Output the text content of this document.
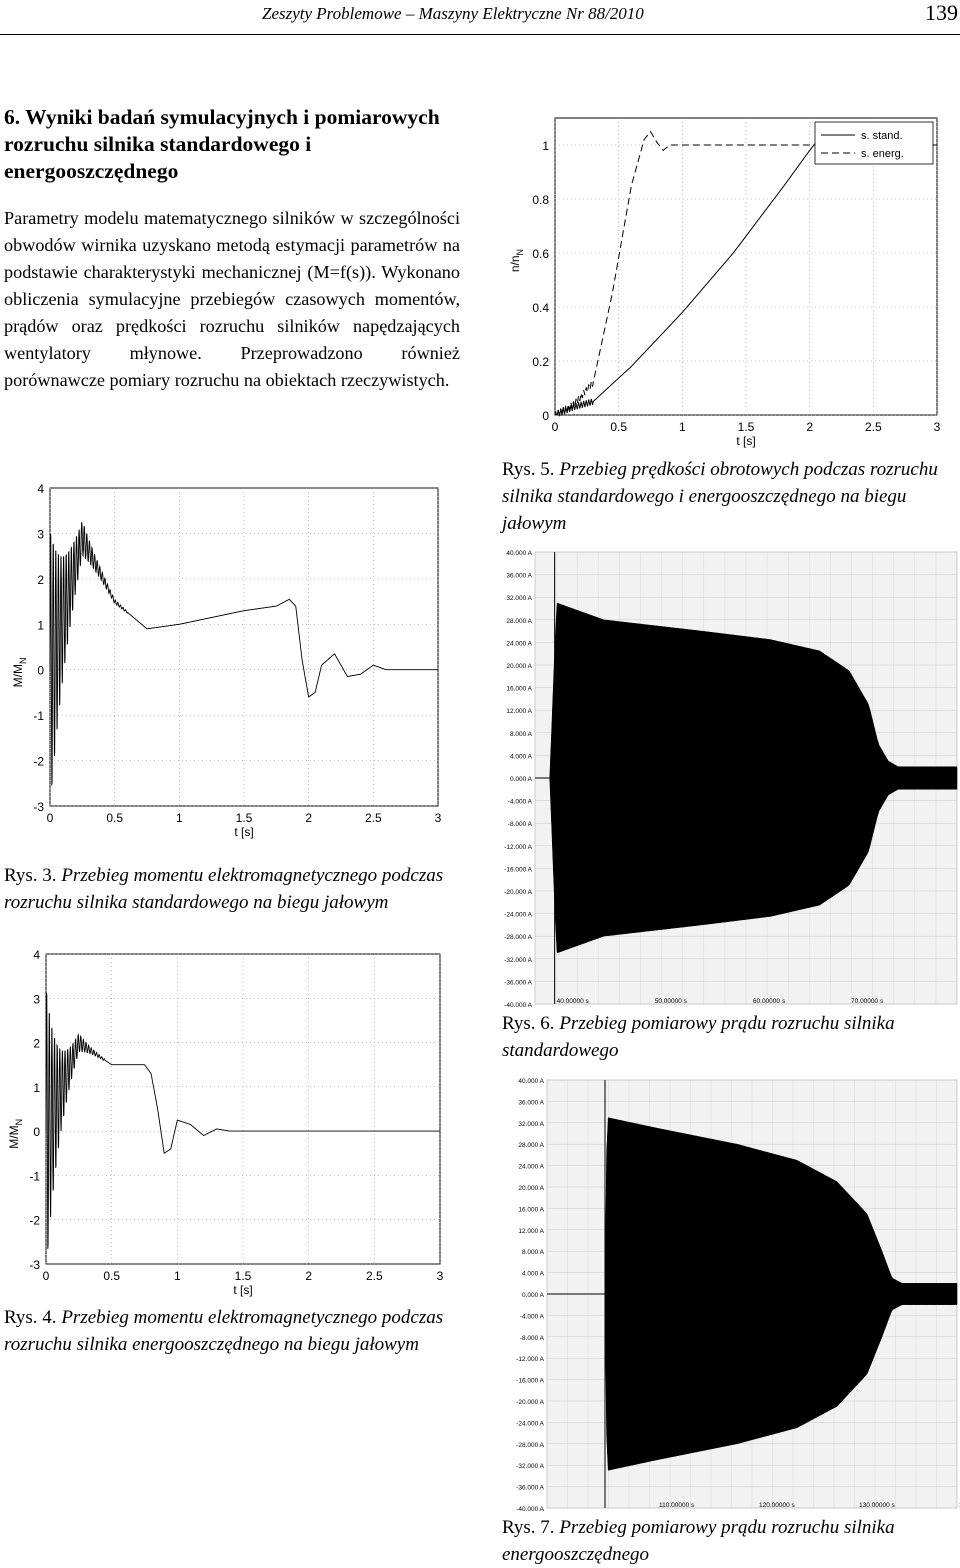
Zeszyty Problemowe – Maszyny Elektryczne Nr 88/2010	139
6. Wyniki badań symulacyjnych i pomiarowych rozruchu silnika standardowego i energooszczędnego

Parametry modelu matematycznego silników w szczególności obwodów wirnika uzyskano metodą estymacji parametrów na podstawie charakterystyki mechanicznej (M=f(s)). Wykonano obliczenia symulacyjne przebiegów czasowych momentów, prądów oraz prędkości rozruchu silników napędzających wentylatory młynowe. Przeprowadzono również porównawcze pomiary rozruchu na obiektach rzeczywistych.

-3
-2
-1
0
1
2
3
4
0	0.5	1	1.5	2	2.5	3
t [s]
$M/M_N$
Rys. 3. Przebieg momentu elektromagnetycznego podczas rozruchu silnika standardowego na biegu jałowym
-3
-2
-1
0
1
2
3
4
0	0.5	1	1.5	2	2.5	3
t [s]
$M/M_N$
Rys. 4. Przebieg momentu elektromagnetycznego podczas rozruchu silnika energooszczędnego na biegu jałowym
0
0.2
0.4
0.6
0.8
1
0	0.5	1	1.5	2	2.5	3
t [s]
$n/n_N$
s. stand.
s. energ.
Rys. 5. Przebieg prędkości obrotowych podczas rozruchu silnika standardowego i energooszczędnego na biegu jałowym
40.000 A
36.000 A
32.000 A
28.000 A
24.000 A
20.000 A
16.000 A
12.000 A
8.000 A
4.000 A
0.000 A
-4.000 A
-8.000 A
-12.000 A
-16.000 A
-20.000 A
-24.000 A
-28.000 A
-32.000 A
-36.000 A
-40.000 A
40.00000 s	50.00000 s	60.00000 s	70.00000 s
Rys. 6. Przebieg pomiarowy prądu rozruchu silnika standardowego
40.000 A
36.000 A
32.000 A
28.000 A
24.000 A
20.000 A
16.000 A
12.000 A
8.000 A
4.000 A
0.000 A
-4.000 A
-8.000 A
-12.000 A
-16.000 A
-20.000 A
-24.000 A
-28.000 A
-32.000 A
-36.000 A
-40.000 A
110.00000 s	120.00000 s	130.00000 s
Rys. 7. Przebieg pomiarowy prądu rozruchu silnika energooszczędnego
